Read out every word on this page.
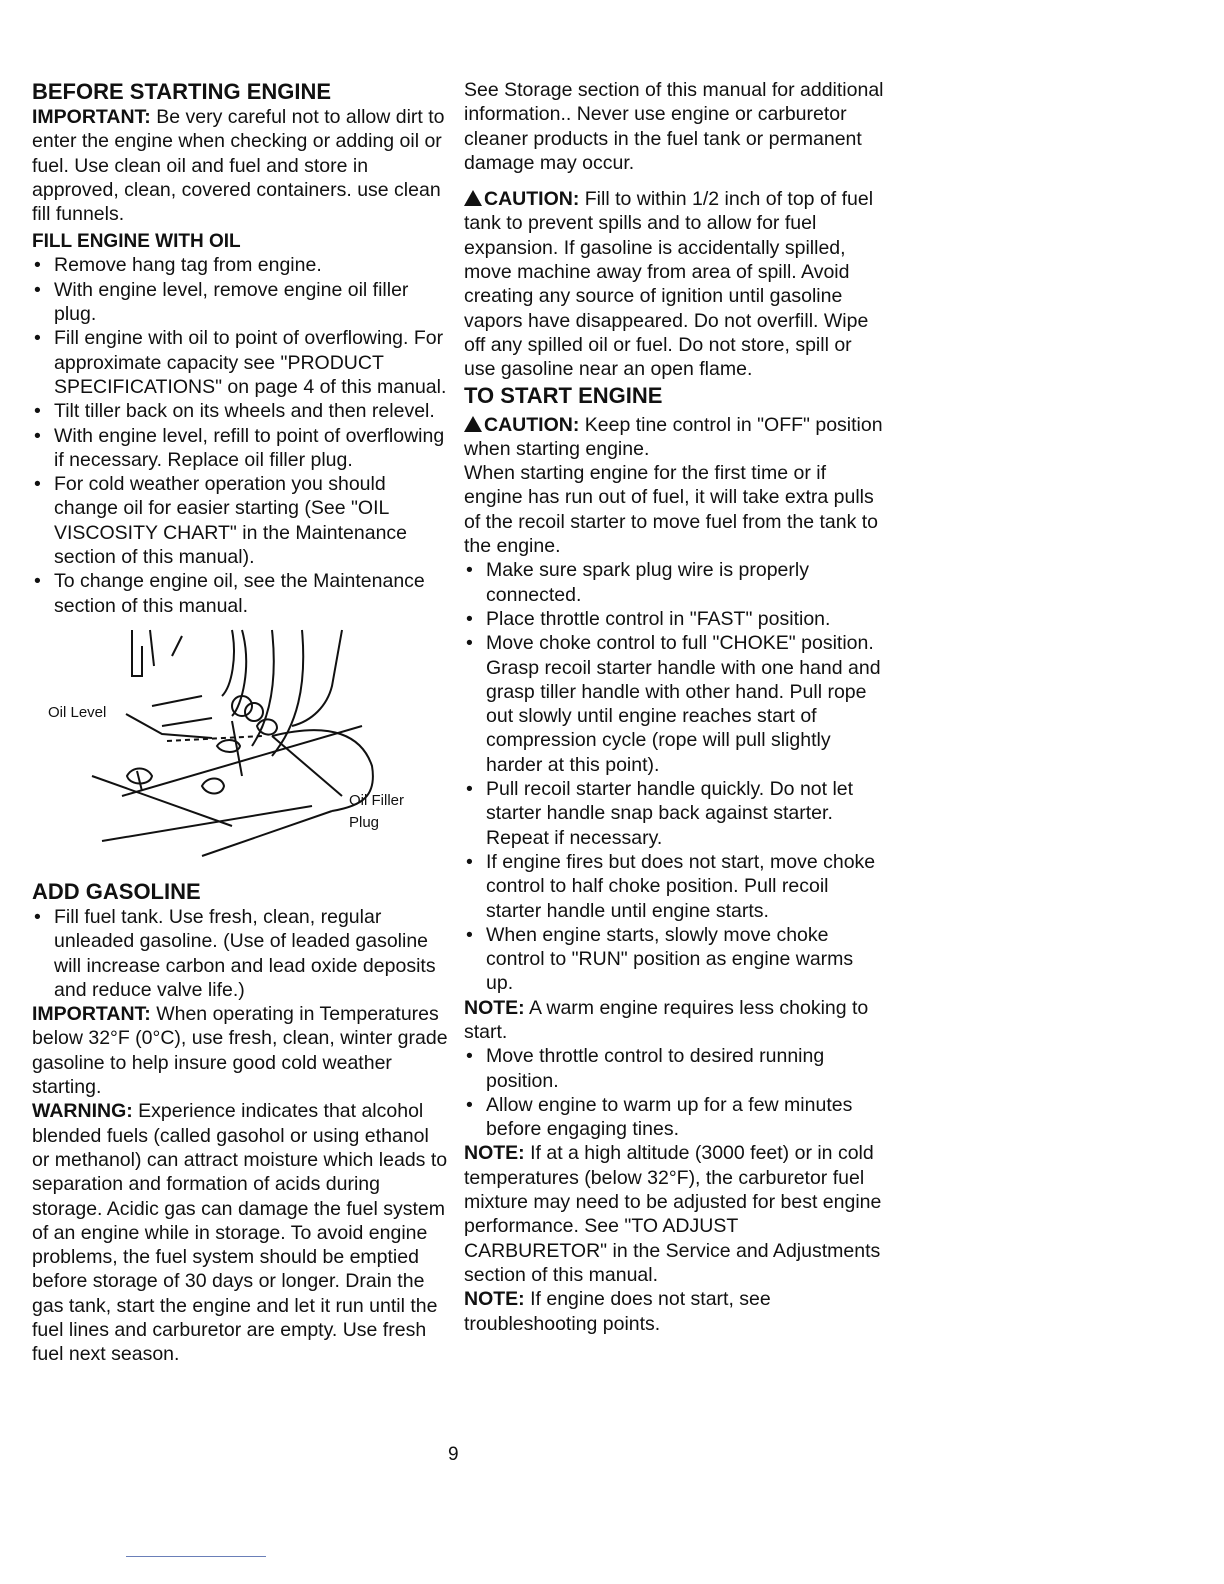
BEFORE STARTING ENGINE

IMPORTANT: Be very careful not to allow dirt to enter the engine when checking or adding oil or fuel. Use clean oil and fuel and store in approved, clean, covered containers. use clean fill funnels.

FILL ENGINE WITH OIL
• Remove hang tag from engine.
• With engine level, remove engine oil filler plug.
• Fill engine with oil to point of overflowing. For approximate capacity see "PRODUCT SPECIFICATIONS" on page 4 of this manual.
• Tilt tiller back on its wheels and then relevel.
• With engine level, refill to point of overflowing if necessary. Replace oil filler plug.
• For cold weather operation you should change oil for easier starting (See "OIL VISCOSITY CHART" in the Maintenance section of this manual).
• To change engine oil, see the Maintenance section of this manual.
Oil Level
Oil Filler
Plug
ADD GASOLINE
• Fill fuel tank. Use fresh, clean, regular unleaded gasoline. (Use of leaded gasoline will increase carbon and lead oxide deposits and reduce valve life.)

IMPORTANT: When operating in Temperatures below 32°F (0°C), use fresh, clean, winter grade gasoline to help insure good cold weather starting.

WARNING: Experience indicates that alcohol blended fuels (called gasohol or using ethanol or methanol) can attract moisture which leads to separation and formation of acids during storage. Acidic gas can damage the fuel system of an engine while in storage. To avoid engine problems, the fuel system should be emptied before storage of 30 days or longer. Drain the gas tank, start the engine and let it run until the fuel lines and carburetor are empty. Use fresh fuel next season.

See Storage section of this manual for additional information.. Never use engine or carburetor cleaner products in the fuel tank or permanent damage may occur.

CAUTION: Fill to within 1/2 inch of top of fuel tank to prevent spills and to allow for fuel expansion. If gasoline is accidentally spilled, move machine away from area of spill. Avoid creating any source of ignition until gasoline vapors have disappeared. Do not overfill. Wipe off any spilled oil or fuel. Do not store, spill or use gasoline near an open flame.

TO START ENGINE

CAUTION: Keep tine control in "OFF" position when starting engine.

When starting engine for the first time or if engine has run out of fuel, it will take extra pulls of the recoil starter to move fuel from the tank to the engine.

• Make sure spark plug wire is properly connected.
• Place throttle control in "FAST" position.
• Move choke control to full "CHOKE" position. Grasp recoil starter handle with one hand and grasp tiller handle with other hand. Pull rope out slowly until engine reaches start of compression cycle (rope will pull slightly harder at this point).
• Pull recoil starter handle quickly. Do not let starter handle snap back against starter. Repeat if necessary.
• If engine fires but does not start, move choke control to half choke position. Pull recoil starter handle until engine starts.
• When engine starts, slowly move choke control to "RUN" position as engine warms up.

NOTE: A warm engine requires less choking to start.

• Move throttle control to desired running position.
• Allow engine to warm up for a few minutes before engaging tines.

NOTE: If at a high altitude (3000 feet) or in cold temperatures (below 32°F), the carburetor fuel mixture may need to be adjusted for best engine performance. See "TO ADJUST CARBURETOR" in the Service and Adjustments section of this manual.

NOTE: If engine does not start, see troubleshooting points.

9
